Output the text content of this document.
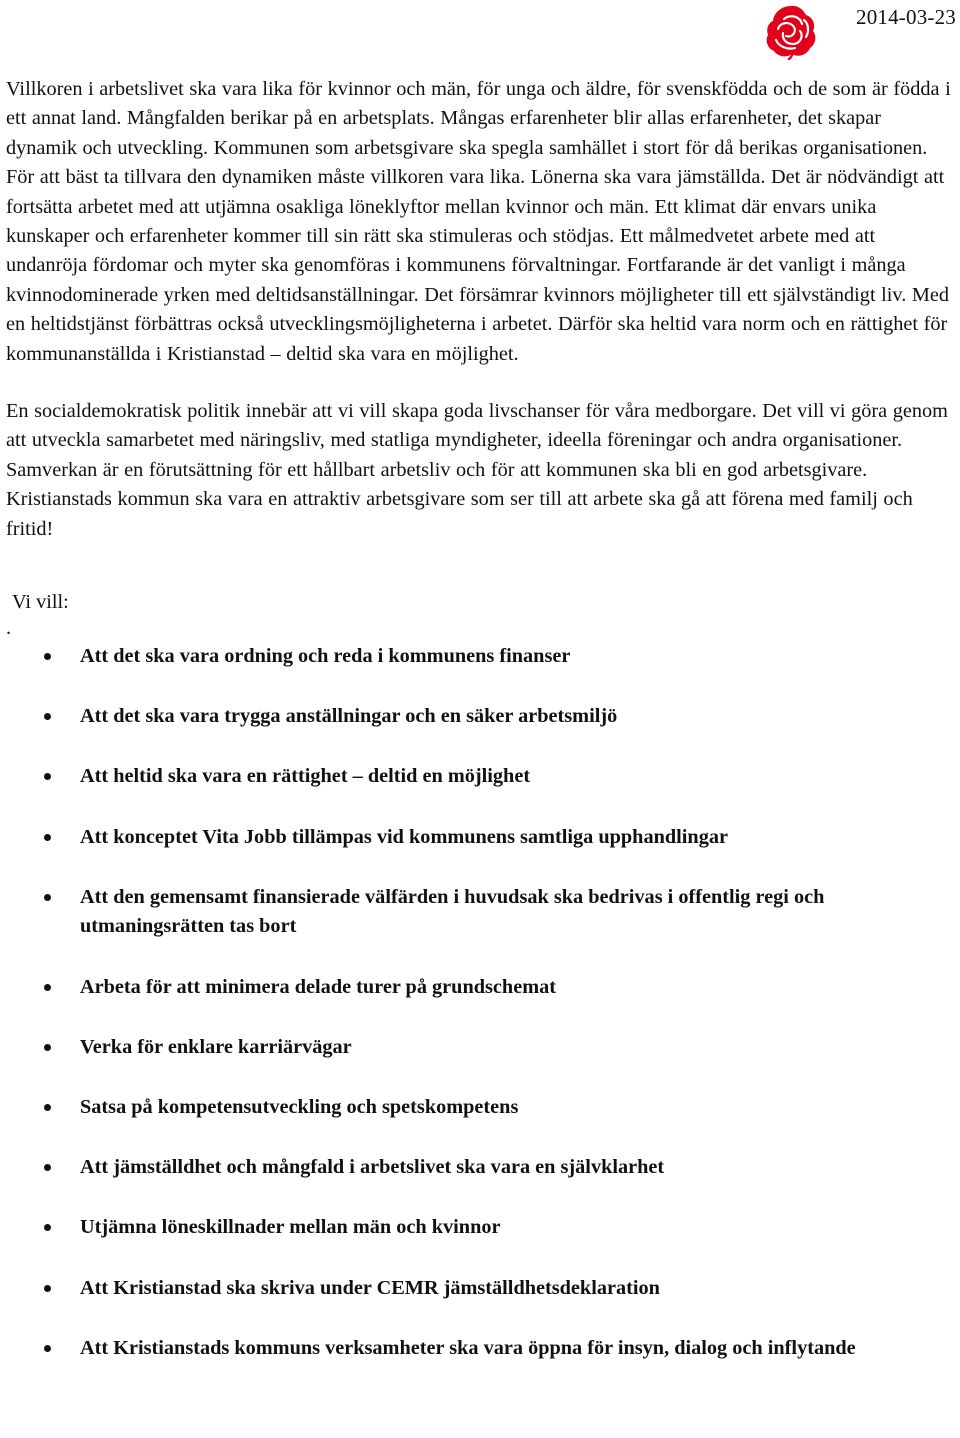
2014-03-23

Villkoren i arbetslivet ska vara lika för kvinnor och män, för unga och äldre, för svenskfödda och de som är födda i ett annat land. Mångfalden berikar på en arbetsplats. Mångas erfarenheter blir allas erfarenheter, det skapar dynamik och utveckling. Kommunen som arbetsgivare ska spegla samhället i stort för då berikas organisationen. För att bäst ta tillvara den dynamiken måste villkoren vara lika. Lönerna ska vara jämställda. Det är nödvändigt att fortsätta arbetet med att utjämna osakliga löneklyftor mellan kvinnor och män. Ett klimat där envars unika kunskaper och erfarenheter kommer till sin rätt ska stimuleras och stödjas. Ett målmedvetet arbete med att undanröja fördomar och myter ska genomföras i kommunens förvaltningar. Fortfarande är det vanligt i många kvinnodominerade yrken med deltidsanställningar. Det försämrar kvinnors möjligheter till ett självständigt liv. Med en heltidstjänst förbättras också utvecklingsmöjligheterna i arbetet. Därför ska heltid vara norm och en rättighet för kommunanställda i Kristianstad – deltid ska vara en möjlighet.

En socialdemokratisk politik innebär att vi vill skapa goda livschanser för våra medborgare. Det vill vi göra genom att utveckla samarbetet med näringsliv, med statliga myndigheter, ideella föreningar och andra organisationer. Samverkan är en förutsättning för ett hållbart arbetsliv och för att kommunen ska bli en god arbetsgivare. Kristianstads kommun ska vara en attraktiv arbetsgivare som ser till att arbete ska gå att förena med familj och fritid!

Vi vill:

.

Att det ska vara ordning och reda i kommunens finanser
Att det ska vara trygga anställningar och en säker arbetsmiljö
Att heltid ska vara en rättighet – deltid en möjlighet
Att konceptet Vita Jobb tillämpas vid kommunens samtliga upphandlingar
Att den gemensamt finansierade välfärden i huvudsak ska bedrivas i offentlig regi och utmaningsrätten tas bort
Arbeta för att minimera delade turer på grundschemat
Verka för enklare karriärvägar
Satsa på kompetensutveckling och spetskompetens
Att jämställdhet och mångfald i arbetslivet ska vara en självklarhet
Utjämna löneskillnader mellan män och kvinnor
Att Kristianstad ska skriva under CEMR jämställdhetsdeklaration
Att Kristianstads kommuns verksamheter ska vara öppna för insyn, dialog och inflytande
